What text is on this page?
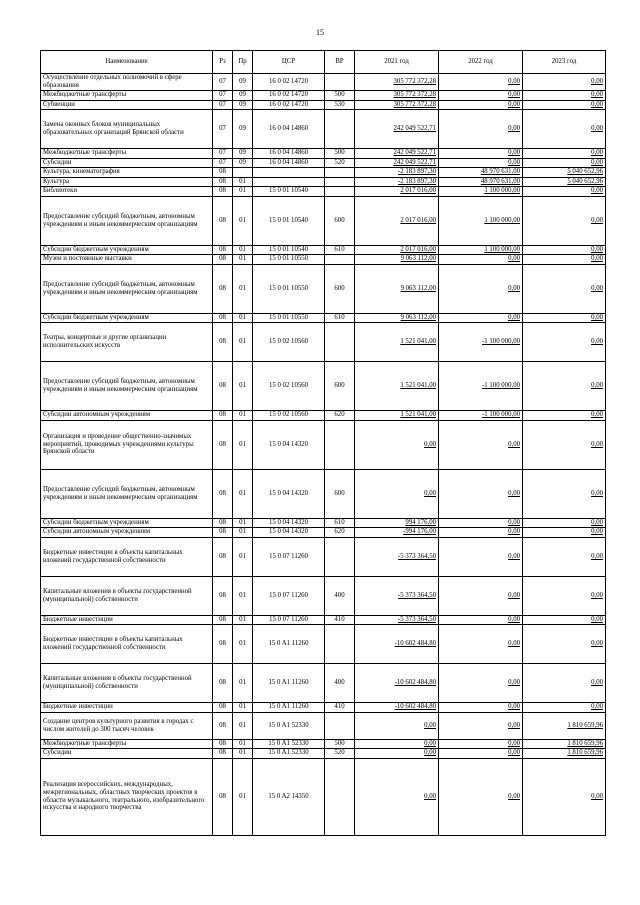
15
Наименование	Рз	Пр	ЦСР	ВР	2021 год	2022 год	2023 год
Осуществление отдельных полномочий в сфере образования	07	09	16 0 02 14720		305 772 372,28	0,00	0,00
Межбюджетные трансферты	07	09	16 0 02 14720	500	305 772 372,28	0,00	0,00
Субвенции	07	09	16 0 02 14720	530	305 772 372,28	0,00	0,00
Замена оконных блоков муниципальных образовательных организаций Брянской области	07	09	16 0 04 14860		242 049 522,71	0,00	0,00
Межбюджетные трансферты	07	09	16 0 04 14860	500	242 049 522,71	0,00	0,00
Субсидии	07	09	16 0 04 14860	520	242 049 522,71	0,00	0,00
Культура, кинематография	08				-2 183 897,30	48 970 631,00	5 040 652,96
Культура	08	01			-2 183 897,30	48 970 631,00	5 040 652,96
Библиотеки	08	01	15 0 01 10540		2 017 016,00	1 100 000,00	0,00
Предоставление субсидий бюджетным, автономным учреждениям и иным некоммерческим организациям	08	01	15 0 01 10540	600	2 017 016,00	1 100 000,00	0,00
Субсидии бюджетным учреждениям	08	01	15 0 01 10540	610	2 017 016,00	1 100 000,00	0,00
Музеи и постоянные выставки	08	01	15 0 01 10550		9 063 112,00	0,00	0,00
Предоставление субсидий бюджетным, автономным учреждениям и иным некоммерческим организациям	08	01	15 0 01 10550	600	9 063 112,00	0,00	0,00
Субсидии бюджетным учреждениям	08	01	15 0 01 10550	610	9 063 112,00	0,00	0,00
Театры, концертные и другие организации исполнительских искусств	08	01	15 0 02 10560		1 521 041,00	-1 100 000,00	0,00
Предоставление субсидий бюджетным, автономным учреждениям и иным некоммерческим организациям	08	01	15 0 02 10560	600	1 521 041,00	-1 100 000,00	0,00
Субсидии автономным учреждениям	08	01	15 0 02 10560	620	1 521 041,00	-1 100 000,00	0,00
Организация и проведение общественно-значимых мероприятий, проводимых учреждениями культуры Брянской области	08	01	15 0 04 14320		0,00	0,00	0,00
Предоставление субсидий бюджетным, автономным учреждениям и иным некоммерческим организациям	08	01	15 0 04 14320	600	0,00	0,00	0,00
Субсидии бюджетным учреждениям	08	01	15 0 04 14320	610	994 176,00	0,00	0,00
Субсидии автономным учреждениям	08	01	15 0 04 14320	620	-994 176,00	0,00	0,00
Бюджетные инвестиции в объекты капитальных вложений государственной собственности	08	01	15 0 07 11260		-5 373 364,50	0,00	0,00
Капитальные вложения в объекты государственной (муниципальной) собственности	08	01	15 0 07 11260	400	-5 373 364,50	0,00	0,00
Бюджетные инвестиции	08	01	15 0 07 11260	410	-5 373 364,50	0,00	0,00
Бюджетные инвестиции в объекты капитальных вложений государственной собственности	08	01	15 0 A1 11260		-10 602 484,80	0,00	0,00
Капитальные вложения в объекты государственной (муниципальной) собственности	08	01	15 0 A1 11260	400	-10 602 484,80	0,00	0,00
Бюджетные инвестиции	08	01	15 0 A1 11260	410	-10 602 484,80	0,00	0,00
Создание центров культурного развития в городах с числом жителей до 300 тысяч человек	08	01	15 0 A1 52330		0,00	0,00	1 810 659,96
Межбюджетные трансферты	08	01	15 0 A1 52330	500	0,00	0,00	1 810 659,96
Субсидии	08	01	15 0 A1 52330	520	0,00	0,00	1 810 659,96
Реализация всероссийских, международных, межрегиональных, областных творческих проектов в области музыкального, театрального, изобразительного искусства и народного творчества	08	01	15 0 A2 14350		0,00	0,00	0,00
